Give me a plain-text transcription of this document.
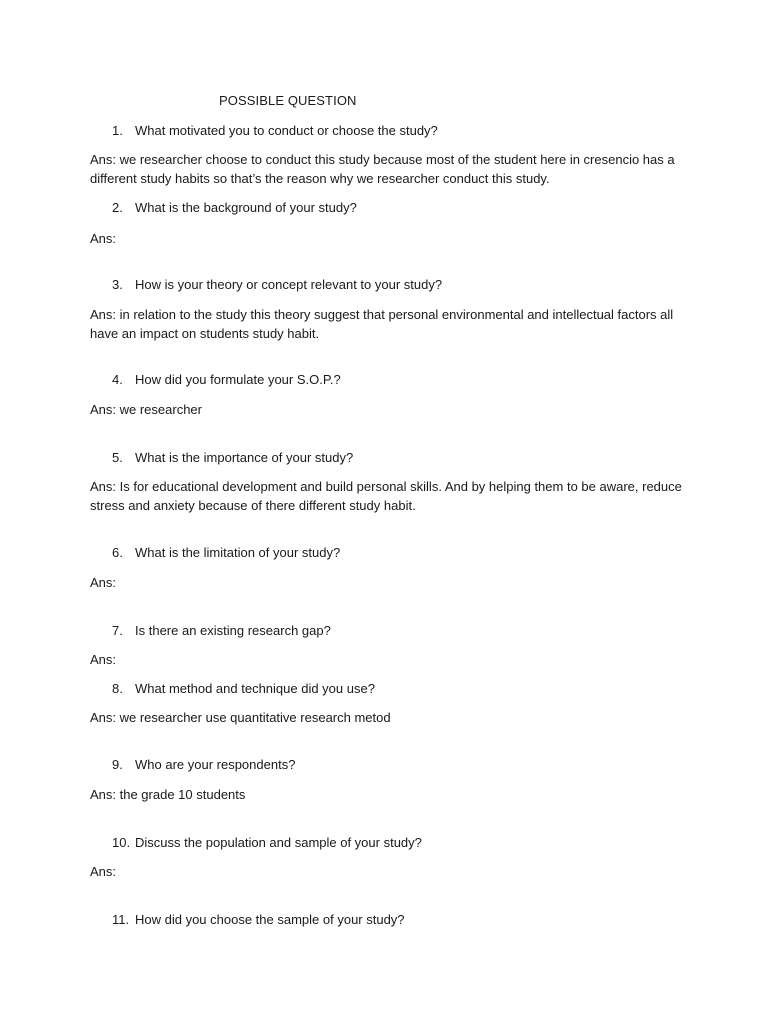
POSSIBLE QUESTION
1. What motivated you to conduct or choose the study?
Ans: we researcher choose to conduct this study because most of the student here in cresencio has a different study habits so that’s the reason why we researcher conduct this study.
2. What is the background of your study?
Ans:
3. How is your theory or concept relevant to your study?
Ans: in relation to the study this theory suggest that personal environmental and intellectual factors all have an impact on students study habit.
4. How did you formulate your S.O.P.?
Ans: we researcher
5. What is the importance of your study?
Ans: Is for educational development and build personal skills. And by helping them to be aware, reduce stress and anxiety because of there different study habit.
6. What is the limitation of your study?
Ans:
7. Is there an existing research gap?
Ans:
8. What method and technique did you use?
Ans: we researcher use quantitative research metod
9. Who are your respondents?
Ans: the grade 10 students
10. Discuss the population and sample of your study?
Ans:
11. How did you choose the sample of your study?
